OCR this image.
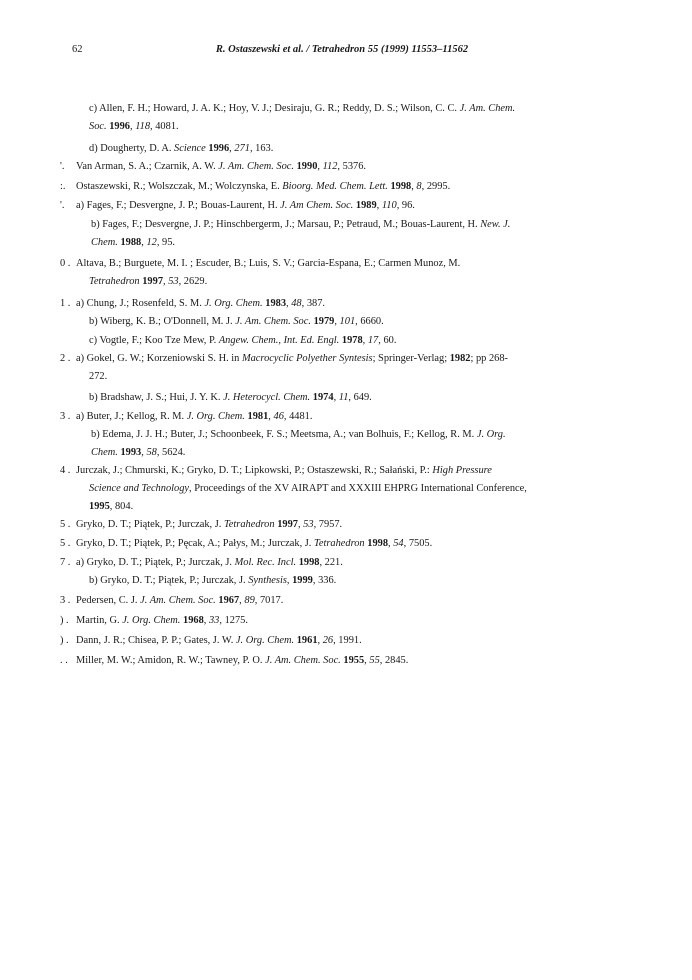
62	R. Ostaszewski et al. / Tetrahedron 55 (1999) 11553–11562
c) Allen, F. H.; Howard, J. A. K.; Hoy, V. J.; Desiraju, G. R.; Reddy, D. S.; Wilson, C. C. J. Am. Chem.
Soc. 1996, 118, 4081.
d) Dougherty, D. A. Science 1996, 271, 163.
'. Van Arman, S. A.; Czarnik, A. W. J. Am. Chem. Soc. 1990, 112, 5376.
:. Ostaszewski, R.; Wolszczak, M.; Wolczynska, E. Bioorg. Med. Chem. Lett. 1998, 8, 2995.
'. a) Fages, F.; Desvergne, J. P.; Bouas-Laurent, H. J. Am Chem. Soc. 1989, 110, 96.
b) Fages, F.; Desvergne, J. P.; Hinschbergerm, J.; Marsau, P.; Petraud, M.; Bouas-Laurent, H. New. J.
Chem. 1988, 12, 95.
0 . Altava, B.; Burguete, M. I. ; Escuder, B.; Luis, S. V.; Garcia-Espana, E.; Carmen Munoz, M.
Tetrahedron 1997, 53, 2629.
1 . a) Chung, J.; Rosenfeld, S. M. J. Org. Chem. 1983, 48, 387.
b) Wiberg, K. B.; O'Donnell, M. J. J. Am. Chem. Soc. 1979, 101, 6660.
c) Vogtle, F.; Koo Tze Mew, P. Angew. Chem., Int. Ed. Engl. 1978, 17, 60.
2 . a) Gokel, G. W.; Korzeniowski S. H. in Macrocyclic Polyether Syntesis; Springer-Verlag; 1982; pp 268-
272.
b) Bradshaw, J. S.; Hui, J. Y. K. J. Heterocycl. Chem. 1974, 11, 649.
3 . a) Buter, J.; Kellog, R. M. J. Org. Chem. 1981, 46, 4481.
b) Edema, J. J. H.; Buter, J.; Schoonbeek, F. S.; Meetsma, A.; van Bolhuis, F.; Kellog, R. M. J. Org.
Chem. 1993, 58, 5624.
4 . Jurczak, J.; Chmurski, K.; Gryko, D. T.; Lipkowski, P.; Ostaszewski, R.; Sałański, P.: High Pressure
Science and Technology, Proceedings of the XV AIRAPT and XXXIII EHPRG International Conference,
1995, 804.
5 . Gryko, D. T.; Piątek, P.; Jurczak, J. Tetrahedron 1997, 53, 7957.
5 . Gryko, D. T.; Piątek, P.; Pęcak, A.; Pałys, M.; Jurczak, J. Tetrahedron 1998, 54, 7505.
7 . a) Gryko, D. T.; Piątek, P.; Jurczak, J. Mol. Rec. Incl. 1998, 221.
b) Gryko, D. T.; Piątek, P.; Jurczak, J. Synthesis, 1999, 336.
3 . Pedersen, C. J. J. Am. Chem. Soc. 1967, 89, 7017.
) . Martin, G. J. Org. Chem. 1968, 33, 1275.
) . Dann, J. R.; Chisea, P. P.; Gates, J. W. J. Org. Chem. 1961, 26, 1991.
. . Miller, M. W.; Amidon, R. W.; Tawney, P. O. J. Am. Chem. Soc. 1955, 55, 2845.
